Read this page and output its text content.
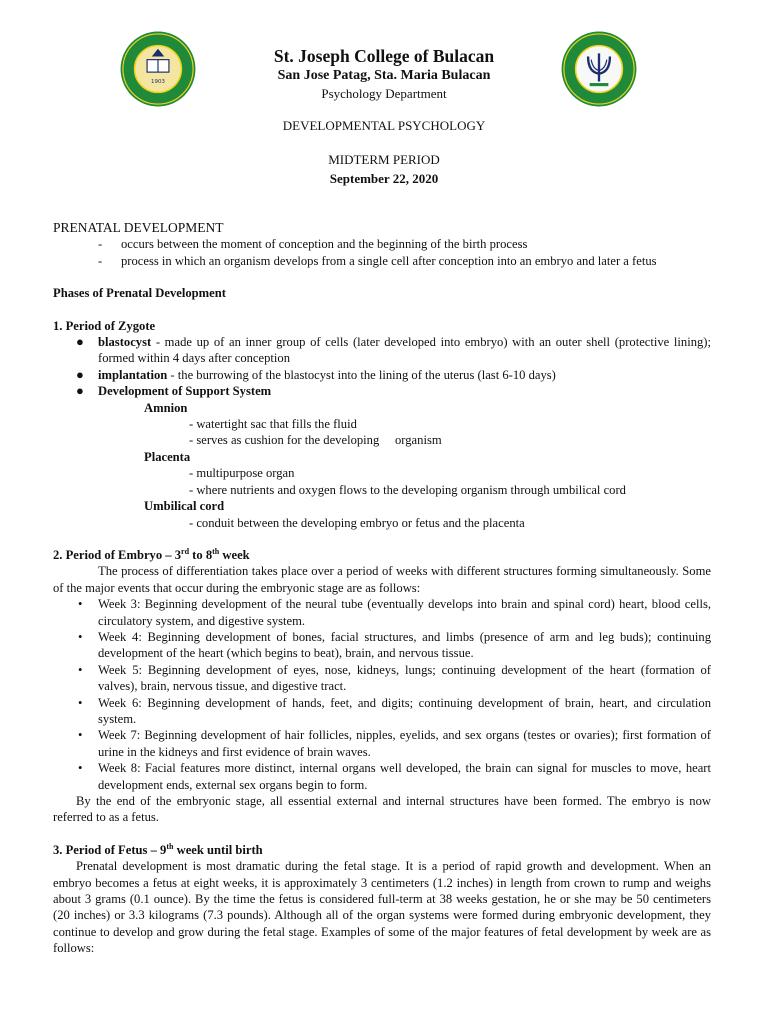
1903
St. Joseph College of Bulacan
San Jose Patag, Sta. Maria Bulacan
Psychology Department
DEVELOPMENTAL PSYCHOLOGY
MIDTERM PERIOD
September 22, 2020
PRENATAL DEVELOPMENT
-	occurs between the moment of conception and the beginning of the birth process
-	process in which an organism develops from a single cell after conception into an embryo and later a fetus
Phases of Prenatal Development
1. Period of Zygote
●	blastocyst - made up of an inner group of cells (later developed into embryo) with an outer shell (protective lining); formed within 4 days after conception
●	implantation - the burrowing of the blastocyst into the lining of the uterus (last 6-10 days)
●	Development of Support System
Amnion
- watertight sac that fills the fluid
- serves as cushion for the developing     organism
Placenta
- multipurpose organ
- where nutrients and oxygen flows to the developing organism through umbilical cord
Umbilical cord
- conduit between the developing embryo or fetus and the placenta
2. Period of Embryo – 3rd to 8th week
The process of differentiation takes place over a period of weeks with different structures forming simultaneously. Some of the major events that occur during the embryonic stage are as follows:
•	Week 3: Beginning development of the neural tube (eventually develops into brain and spinal cord) heart, blood cells, circulatory system, and digestive system.
•	Week 4: Beginning development of bones, facial structures, and limbs (presence of arm and leg buds); continuing development of the heart (which begins to beat), brain, and nervous tissue.
•	Week 5: Beginning development of eyes, nose, kidneys, lungs; continuing development of the heart (formation of valves), brain, nervous tissue, and digestive tract.
•	Week 6: Beginning development of hands, feet, and digits; continuing development of brain, heart, and circulation system.
•	Week 7: Beginning development of hair follicles, nipples, eyelids, and sex organs (testes or ovaries); first formation of urine in the kidneys and first evidence of brain waves.
•	Week 8: Facial features more distinct, internal organs well developed, the brain can signal for muscles to move, heart development ends, external sex organs begin to form.
By the end of the embryonic stage, all essential external and internal structures have been formed. The embryo is now referred to as a fetus.
3. Period of Fetus – 9th week until birth
Prenatal development is most dramatic during the fetal stage. It is a period of rapid growth and development. When an embryo becomes a fetus at eight weeks, it is approximately 3 centimeters (1.2 inches) in length from crown to rump and weighs about 3 grams (0.1 ounce). By the time the fetus is considered full-term at 38 weeks gestation, he or she may be 50 centimeters (20 inches) or 3.3 kilograms (7.3 pounds). Although all of the organ systems were formed during embryonic development, they continue to develop and grow during the fetal stage. Examples of some of the major features of fetal development by week are as follows:
